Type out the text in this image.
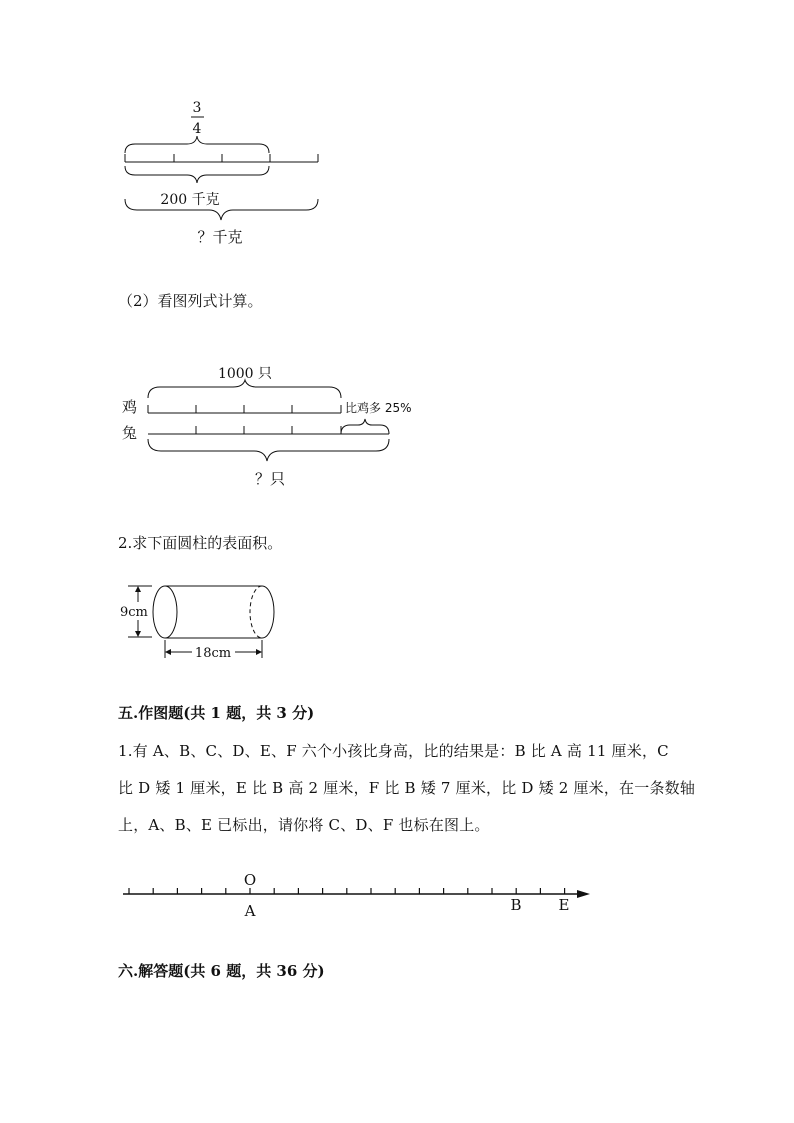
3
4
200 千克
？千克
（2）看图列式计算。
1000 只
鸡	比鸡多 25%
兔
？只
2.求下面圆柱的表面积。
9cm
18cm
五.作图题(共 1 题，共 3 分)
1.有 A、B、C、D、E、F 六个小孩比身高，比的结果是：B 比 A 高 11 厘米，C
比 D 矮 1 厘米，E 比 B 高 2 厘米，F 比 B 矮 7 厘米，比 D 矮 2 厘米，在一条数轴
上，A、B、E 已标出，请你将 C、D、F 也标在图上。
O
A	B E
六.解答题(共 6 题，共 36 分)
